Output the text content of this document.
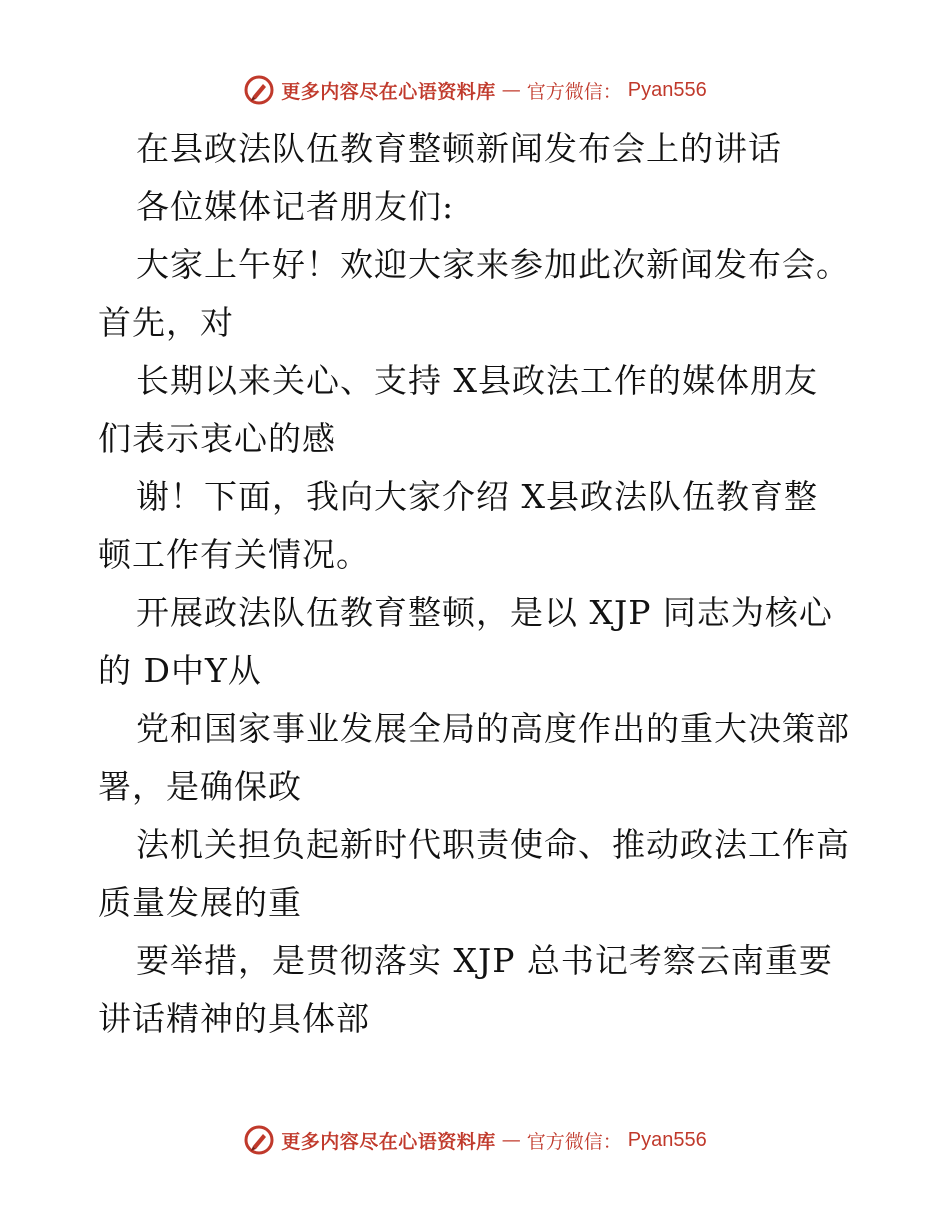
更多内容尽在心语资料库 — 官方微信： Pyan556
在县政法队伍教育整顿新闻发布会上的讲话
各位媒体记者朋友们:
大家上午好！欢迎大家来参加此次新闻发布会。
首先，对
长期以来关心、支持 X县政法工作的媒体朋友
们表示衷心的感
谢！下面，我向大家介绍 X县政法队伍教育整
顿工作有关情况。
开展政法队伍教育整顿，是以 XJP 同志为核心
的 D中Y从
党和国家事业发展全局的高度作出的重大决策部
署，是确保政
法机关担负起新时代职责使命、推动政法工作高
质量发展的重
要举措，是贯彻落实 XJP 总书记考察云南重要
讲话精神的具体部
更多内容尽在心语资料库 — 官方微信： Pyan556
